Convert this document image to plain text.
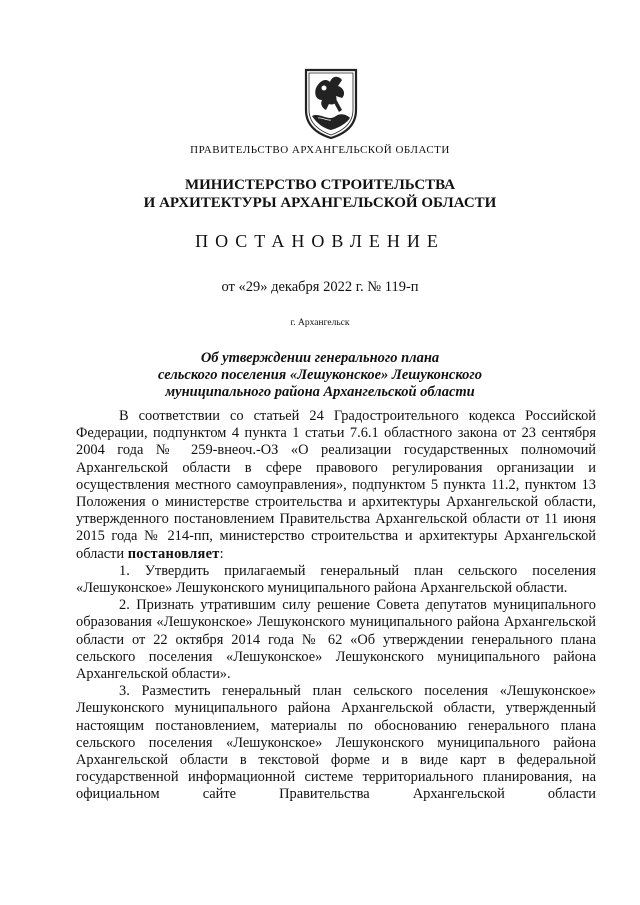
ПРАВИТЕЛЬСТВО АРХАНГЕЛЬСКОЙ ОБЛАСТИ
МИНИСТЕРСТВО СТРОИТЕЛЬСТВА
И АРХИТЕКТУРЫ АРХАНГЕЛЬСКОЙ ОБЛАСТИ
ПОСТАНОВЛЕНИЕ
от «29» декабря 2022 г. № 119-п
г. Архангельск
Об утверждении генерального плана
сельского поселения «Лешуконское» Лешуконского
муниципального района Архангельской области

В соответствии со статьей 24 Градостроительного кодекса Российской Федерации, подпунктом 4 пункта 1 статьи 7.6.1 областного закона от 23 сентября 2004 года № 259-внеоч.-ОЗ «О реализации государственных полномочий Архангельской области в сфере правового регулирования организации и осуществления местного самоуправления», подпунктом 5 пункта 11.2, пунктом 13 Положения о министерстве строительства и архитектуры Архангельской области, утвержденного постановлением Правительства Архангельской области от 11 июня 2015 года № 214-пп, министерство строительства и архитектуры Архангельской области постановляет:

1. Утвердить прилагаемый генеральный план сельского поселения «Лешуконское» Лешуконского муниципального района Архангельской области.

2. Признать утратившим силу решение Совета депутатов муниципального образования «Лешуконское» Лешуконского муниципального района Архангельской области от 22 октября 2014 года № 62 «Об утверждении генерального плана сельского поселения «Лешуконское» Лешуконского муниципального района Архангельской области».

3. Разместить генеральный план сельского поселения «Лешуконское» Лешуконского муниципального района Архангельской области, утвержденный настоящим постановлением, материалы по обоснованию генерального плана сельского поселения «Лешуконское» Лешуконского муниципального района Архангельской области в текстовой форме и в виде карт в федеральной государственной информационной системе территориального планирования, на официальном сайте Правительства Архангельской области
